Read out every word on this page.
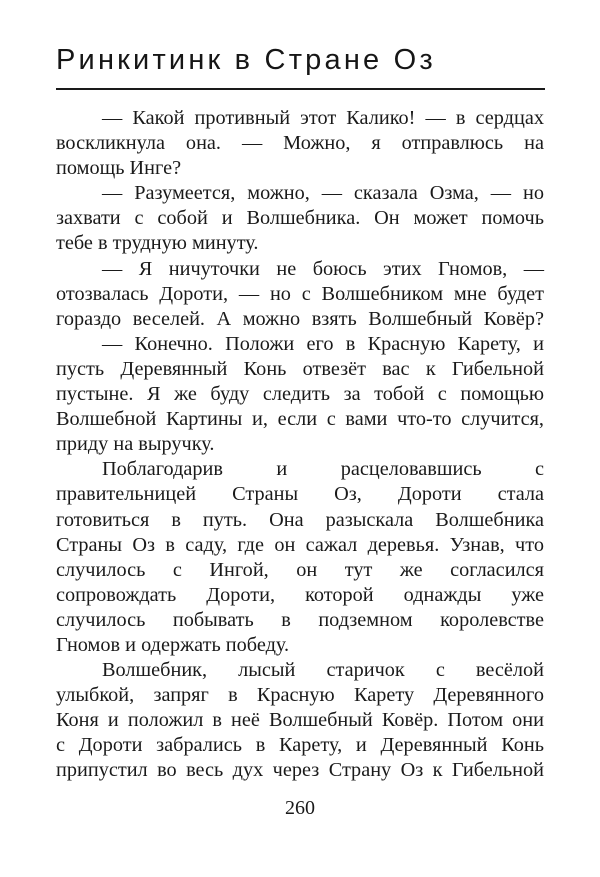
Ринкитинк в Стране Оз
— Какой противный этот Калико! — в сердцах
воскликнула она. — Можно, я отправлюсь на
помощь Инге?
— Разумеется, можно, — сказала Озма, — но
захвати с собой и Волшебника. Он может помочь
тебе в трудную минуту.
— Я ничуточки не боюсь этих Гномов, —
отозвалась Дороти, — но с Волшебником мне будет
гораздо веселей. А можно взять Волшебный Ковёр?
— Конечно. Положи его в Красную Карету, и
пусть Деревянный Конь отвезёт вас к Гибельной
пустыне. Я же буду следить за тобой с помощью
Волшебной Картины и, если с вами что-то случится,
приду на выручку.
Поблагодарив и расцеловавшись с
правительницей Страны Оз, Дороти стала
готовиться в путь. Она разыскала Волшебника
Страны Оз в саду, где он сажал деревья. Узнав, что
случилось с Ингой, он тут же согласился
сопровождать Дороти, которой однажды уже
случилось побывать в подземном королевстве
Гномов и одержать победу.
Волшебник, лысый старичок с весёлой
улыбкой, запряг в Красную Карету Деревянного
Коня и положил в неё Волшебный Ковёр. Потом они
с Дороти забрались в Карету, и Деревянный Конь
припустил во весь дух через Страну Оз к Гибельной
260
